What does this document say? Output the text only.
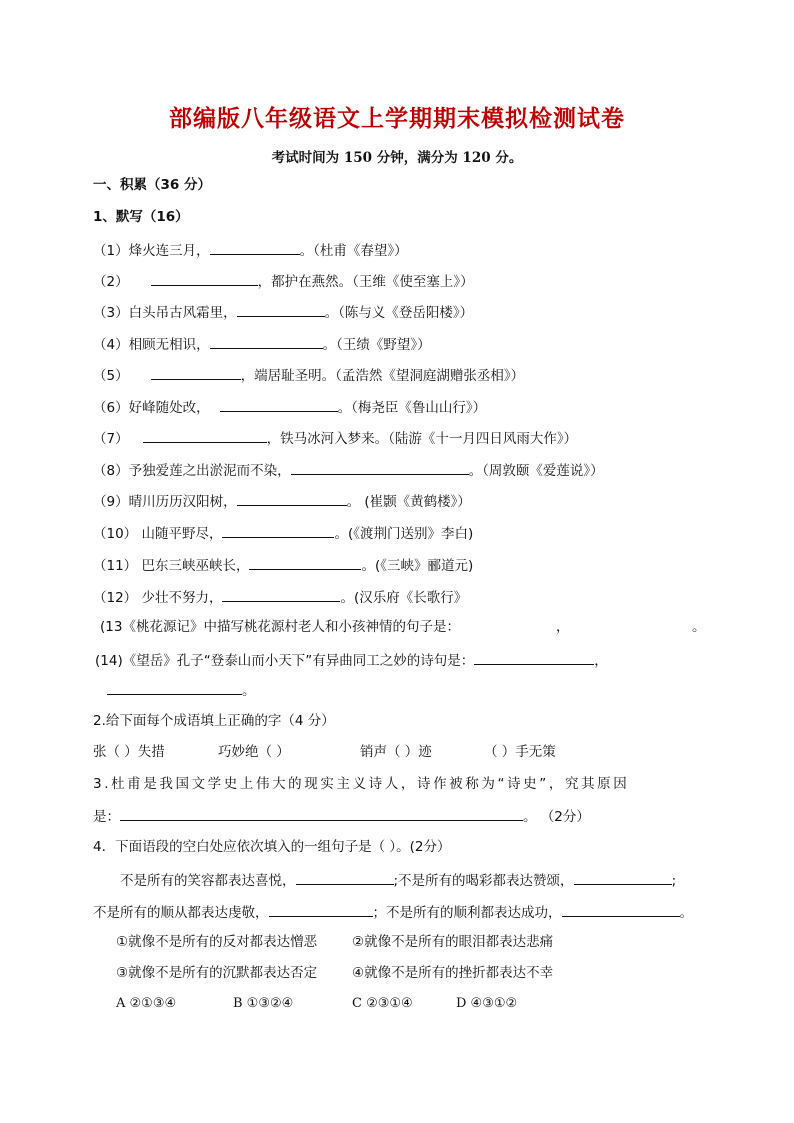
部编版八年级语文上学期期末模拟检测试卷
考试时间为 150 分钟，满分为 120 分。
一、积累（36 分）
1、默写（16）
（1）烽火连三月，	。（杜甫《春望》）
（2）	，都护在燕然。（王维《使至塞上》）
（3）白头吊古风霜里，	。（陈与义《登岳阳楼》）
（4）相顾无相识，	。（王绩《野望》）
（5）	，端居耻圣明。（孟浩然《望洞庭湖赠张丞相》）
（6）好峰随处改，	。（梅尧臣《鲁山山行》）
（7）	，铁马冰河入梦来。（陆游《十一月四日风雨大作》）
（8）予独爱莲之出淤泥而不染，	。（周敦颐《爱莲说》）
（9）晴川历历汉阳树，	。 (崔颢《黄鹤楼》）
（10） 山随平野尽，	。(《渡荆门送别》李白)
（11） 巴东三峡巫峡长，	。(《三峡》郦道元)
（12） 少壮不努力，	。(汉乐府《长歌行》
(13《桃花源记》中描写桃花源村老人和小孩神情的句子是：	，	。
(14)《望岳》孔子“登泰山而小天下”有异曲同工之妙的诗句是：	，
。
2.给下面每个成语填上正确的字（4 分）
张（ ）失措	巧妙绝（ ）	销声（ ）迹	（ ）手无策
3.杜甫是我国文学史上伟大的现实主义诗人，诗作被称为“诗史”，究其原因
是：	。 （2分）
4．下面语段的空白处应依次填入的一组句子是（ ）。(2分）
不是所有的笑容都表达喜悦，	;不是所有的喝彩都表达赞颂，	;
不是所有的顺从都表达虔敬，	；不是所有的顺利都表达成功，	。
①就像不是所有的反对都表达憎恶	②就像不是所有的眼泪都表达悲痛
③就像不是所有的沉默都表达否定	④就像不是所有的挫折都表达不幸
A ②①③④	B ①③②④	C ②③①④	D ④③①②
